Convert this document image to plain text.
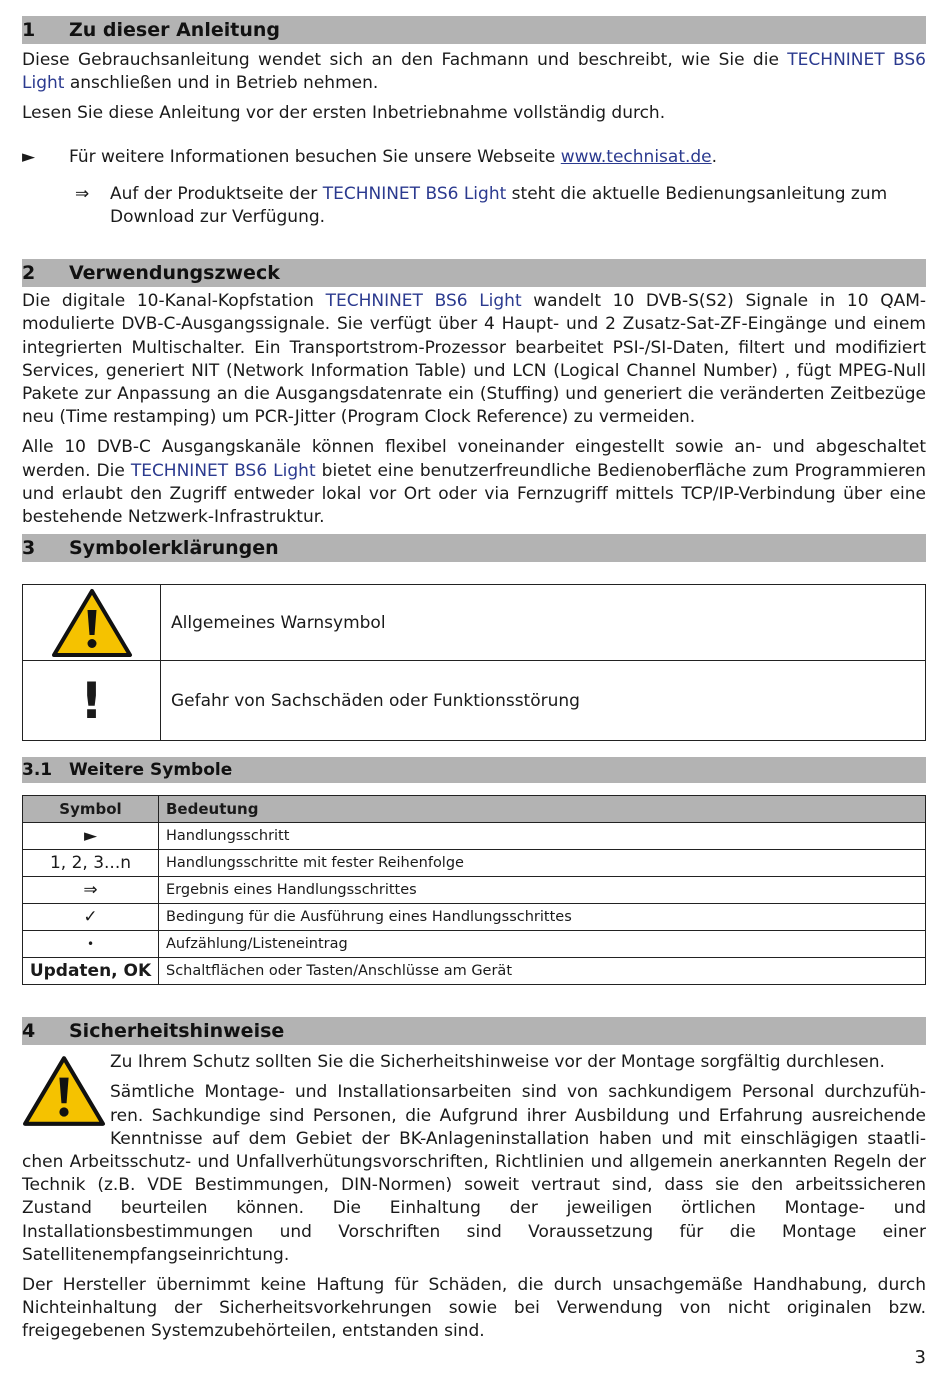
1	Zu dieser Anleitung

Diese Gebrauchsanleitung wendet sich an den Fachmann und beschreibt, wie Sie die TECHNINET BS6 Light anschließen und in Betrieb nehmen.

Lesen Sie diese Anleitung vor der ersten Inbetriebnahme vollständig durch.

►	Für weitere Informationen besuchen Sie unsere Webseite www.technisat.de.
⇒	Auf der Produktseite der TECHNINET BS6 Light steht die aktuelle Bedienungsanleitung zum Download zur Verfügung.
2	Verwendungszweck

Die digitale 10-Kanal-Kopfstation TECHNINET BS6 Light wandelt 10 DVB-S(S2) Signale in 10 QAM-modulierte DVB-C-Ausgangssignale. Sie verfügt über 4 Haupt- und 2 Zusatz-Sat-ZF-Eingänge und einem integrierten Multischalter. Ein Transportstrom-Prozessor bearbeitet PSI-/SI-Daten, filtert und modifiziert Services, generiert NIT (Network Information Table) und LCN (Logical Channel Number) , fügt MPEG-Null Pakete zur Anpassung an die Ausgangsdatenrate ein (Stuffing) und generiert die veränderten Zeitbezüge neu (Time restamping) um PCR-Jitter (Program Clock Reference) zu vermeiden.

Alle 10 DVB-C Ausgangskanäle können flexibel voneinander eingestellt sowie an- und abgeschaltet werden. Die TECHNINET BS6 Light bietet eine benutzerfreundliche Bedienoberfläche zum Programmieren und erlaubt den Zugriff entweder lokal vor Ort oder via Fernzugriff mittels TCP/IP-Verbindung über eine bestehende Netzwerk-Infrastruktur.

3	Symbolerklärungen
	Allgemeines Warnsymbol
!	Gefahr von Sachschäden oder Funktionsstörung
3.1 Weitere Symbole
Symbol	Bedeutung
►	Handlungsschritt
1, 2, 3...n	Handlungsschritte mit fester Reihenfolge
⇒	Ergebnis eines Handlungsschrittes
✓	Bedingung für die Ausführung eines Handlungsschrittes
•	Aufzählung/Listeneintrag
Updaten, OK	Schaltflächen oder Tasten/Anschlüsse am Gerät
4	Sicherheitshinweise

Zu Ihrem Schutz sollten Sie die Sicherheitshinweise vor der Montage sorgfältig durchlesen.

Sämtliche Montage- und Installationsarbeiten sind von sachkundigem Personal durchzufüh-
ren. Sachkundige sind Personen, die Aufgrund ihrer Ausbildung und Erfahrung ausreichende
Kenntnisse auf dem Gebiet der BK-Anlageninstallation haben und mit einschlägigen staatli-

chen Arbeitsschutz- und Unfallverhütungsvorschriften, Richtlinien und allgemein anerkannten Regeln der Technik (z.B. VDE Bestimmungen, DIN-Normen) soweit vertraut sind, dass sie den arbeitssicheren Zustand beurteilen können. Die Einhaltung der jeweiligen örtlichen Montage- und Installationsbestimmungen und Vorschriften sind Voraussetzung für die Montage einer Satellitenempfangseinrichtung.

Der Hersteller übernimmt keine Haftung für Schäden, die durch unsachgemäße Handhabung, durch Nichteinhaltung der Sicherheitsvorkehrungen sowie bei Verwendung von nicht originalen bzw. freigegebenen Systemzubehörteilen, entstanden sind.

3
